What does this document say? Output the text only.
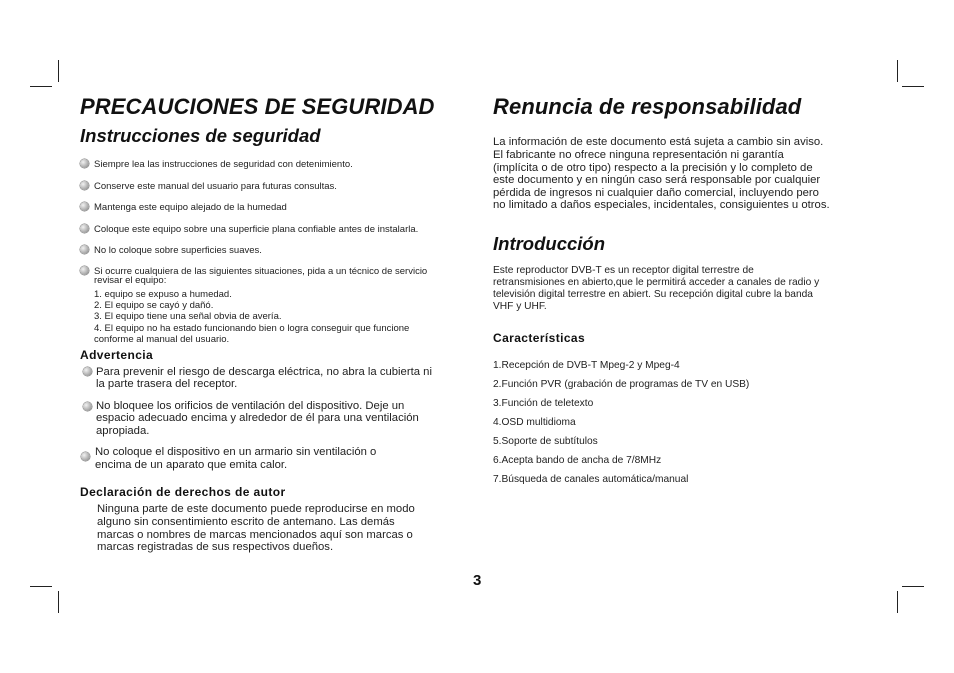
PRECAUCIONES DE SEGURIDAD
Instrucciones de seguridad
Siempre lea las instrucciones de seguridad con detenimiento.
Conserve este manual del usuario para futuras consultas.
Mantenga este equipo alejado de la humedad
Coloque este equipo sobre una superficie plana confiable antes de instalarla.
No lo coloque sobre superficies suaves.
Si ocurre cualquiera de las siguientes situaciones, pida a un técnico de servicio
revisar el equipo:
1. equipo se expuso a humedad.
2. El equipo se cayó y dañó.
3. El equipo tiene una señal obvia de avería.
4. El equipo no ha estado funcionando bien o logra conseguir que funcione
conforme al manual del usuario.
Advertencia
Para prevenir el riesgo de descarga eléctrica, no abra la cubierta ni
la parte trasera del receptor.
No bloquee los orificios de ventilación del dispositivo. Deje un
espacio adecuado encima y alrededor de él para una ventilación
apropiada.
No coloque el dispositivo en un armario sin ventilación o
encima de un aparato que emita calor.
Declaración de derechos de autor
Ninguna parte de este documento puede reproducirse en modo
alguno sin consentimiento escrito de antemano. Las demás
marcas o nombres de marcas mencionados aquí son marcas o
marcas registradas de sus respectivos dueños.
Renuncia de responsabilidad
La información de este documento está sujeta a cambio sin aviso.
El fabricante no ofrece ninguna representación ni garantía
(implícita o de otro tipo) respecto a la precisión y lo completo de
este documento y en ningún caso será responsable por cualquier
pérdida de ingresos ni cualquier daño comercial, incluyendo pero
no limitado a daños especiales, incidentales, consiguientes u otros.
Introducción
Este reproductor DVB-T es un receptor digital terrestre de
retransmisiones en abierto,que le permitirá acceder a canales de radio y
televisión digital terrestre en abiert. Su recepción digital cubre la banda
VHF y UHF.
Características
1.Recepción de DVB-T Mpeg-2 y Mpeg-4
2.Función PVR (grabación de programas de TV en USB)
3.Función de teletexto
4.OSD multidioma
5.Soporte de subtítulos
6.Acepta bando de ancha de 7/8MHz
7.Búsqueda de canales automática/manual
3
